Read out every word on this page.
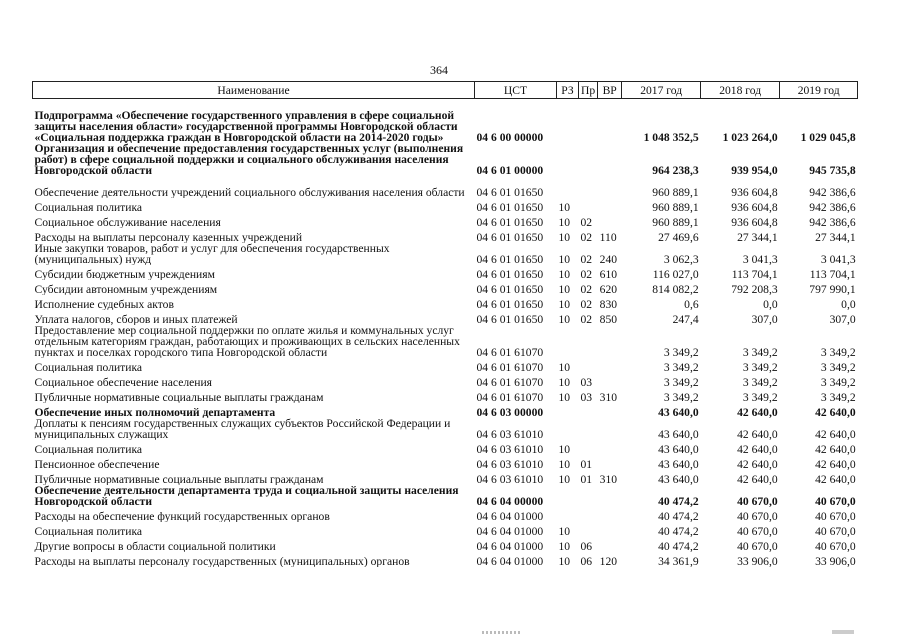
364
Наименование	ЦСТ	РЗ	Пр	ВР	2017 год	2018 год	2019 год
Подпрограмма «Обеспечение государственного управления в сфере социальной защиты населения области» государственной программы Новгородской области «Социальная поддержка граждан в Новгородской области на 2014-2020 годы»	04 6 00 00000				1 048 352,5	1 023 264,0	1 029 045,8
Организация и обеспечение предоставления государственных услуг (выполнения работ) в сфере социальной поддержки и социального обслуживания населения Новгородской области	04 6 01 00000				964 238,3	939 954,0	945 735,8
Обеспечение деятельности учреждений социального обслуживания населения области	04 6 01 01650				960 889,1	936 604,8	942 386,6
Социальная политика	04 6 01 01650	10			960 889,1	936 604,8	942 386,6
Социальное обслуживание населения	04 6 01 01650	10	02		960 889,1	936 604,8	942 386,6
Расходы на выплаты персоналу казенных учреждений	04 6 01 01650	10	02	110	27 469,6	27 344,1	27 344,1
Иные закупки товаров, работ и услуг для обеспечения государственных (муниципальных) нужд	04 6 01 01650	10	02	240	3 062,3	3 041,3	3 041,3
Субсидии бюджетным учреждениям	04 6 01 01650	10	02	610	116 027,0	113 704,1	113 704,1
Субсидии автономным учреждениям	04 6 01 01650	10	02	620	814 082,2	792 208,3	797 990,1
Исполнение судебных актов	04 6 01 01650	10	02	830	0,6	0,0	0,0
Уплата налогов, сборов и иных платежей	04 6 01 01650	10	02	850	247,4	307,0	307,0
Предоставление мер социальной поддержки по оплате жилья и коммунальных услуг отдельным категориям граждан, работающих и проживающих в сельских населенных пунктах и поселках городского типа Новгородской области	04 6 01 61070				3 349,2	3 349,2	3 349,2
Социальная политика	04 6 01 61070	10			3 349,2	3 349,2	3 349,2
Социальное обеспечение населения	04 6 01 61070	10	03		3 349,2	3 349,2	3 349,2
Публичные нормативные социальные выплаты гражданам	04 6 01 61070	10	03	310	3 349,2	3 349,2	3 349,2
Обеспечение иных полномочий департамента	04 6 03 00000				43 640,0	42 640,0	42 640,0
Доплаты к пенсиям государственных служащих субъектов Российской Федерации и муниципальных служащих	04 6 03 61010				43 640,0	42 640,0	42 640,0
Социальная политика	04 6 03 61010	10			43 640,0	42 640,0	42 640,0
Пенсионное обеспечение	04 6 03 61010	10	01		43 640,0	42 640,0	42 640,0
Публичные нормативные социальные выплаты гражданам	04 6 03 61010	10	01	310	43 640,0	42 640,0	42 640,0
Обеспечение деятельности департамента труда и социальной защиты населения Новгородской области	04 6 04 00000				40 474,2	40 670,0	40 670,0
Расходы на обеспечение функций государственных органов	04 6 04 01000				40 474,2	40 670,0	40 670,0
Социальная политика	04 6 04 01000	10			40 474,2	40 670,0	40 670,0
Другие вопросы в области социальной политики	04 6 04 01000	10	06		40 474,2	40 670,0	40 670,0
Расходы на выплаты персоналу государственных (муниципальных) органов	04 6 04 01000	10	06	120	34 361,9	33 906,0	33 906,0
